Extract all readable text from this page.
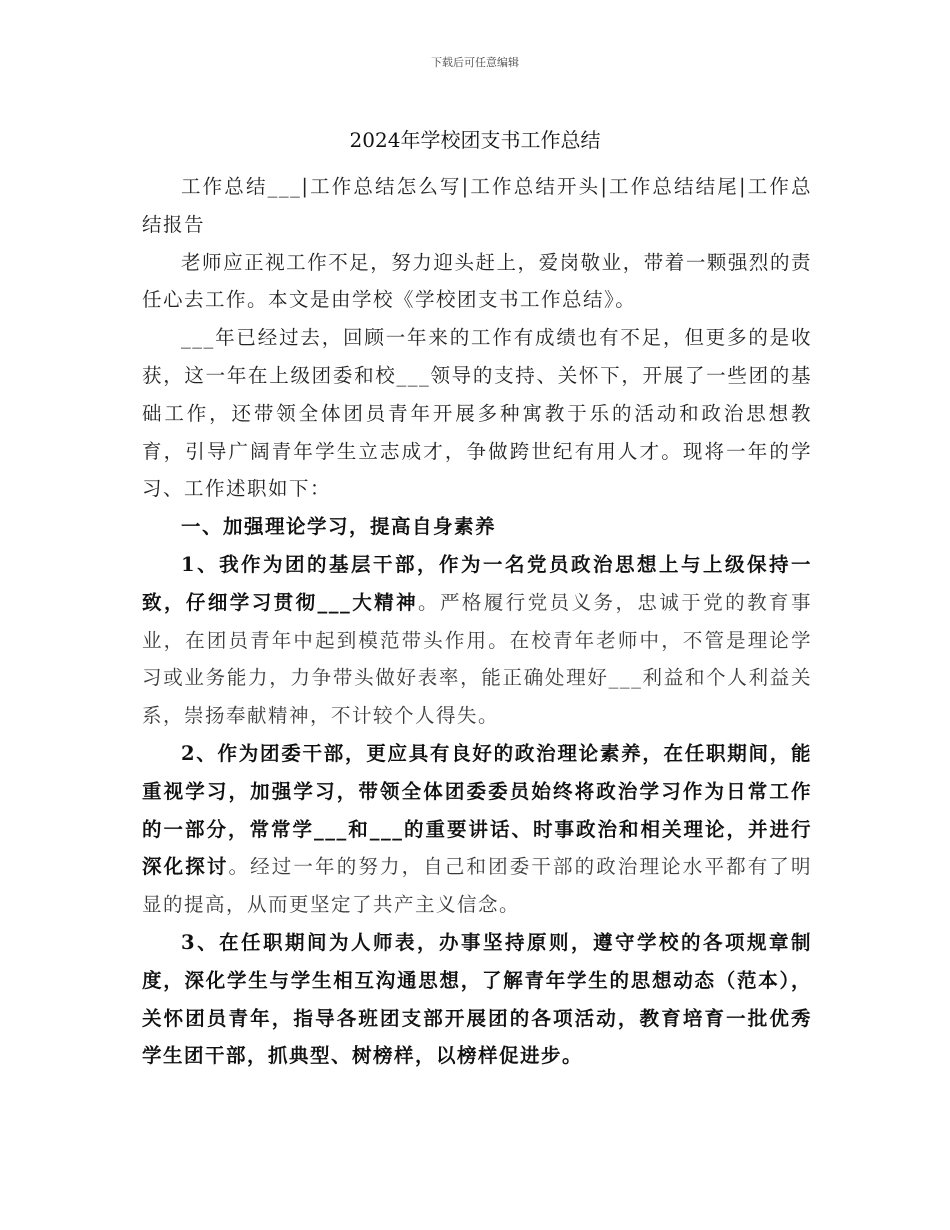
下载后可任意编辑
2024年学校团支书工作总结

工作总结___|工作总结怎么写|工作总结开头|工作总结结尾|工作总结报告

老师应正视工作不足，努力迎头赶上，爱岗敬业，带着一颗强烈的责任心去工作。本文是由学校《学校团支书工作总结》。

___年已经过去，回顾一年来的工作有成绩也有不足，但更多的是收获，这一年在上级团委和校___领导的支持、关怀下，开展了一些团的基础工作，还带领全体团员青年开展多种寓教于乐的活动和政治思想教育，引导广阔青年学生立志成才，争做跨世纪有用人才。现将一年的学习、工作述职如下：

一、加强理论学习，提高自身素养

1、我作为团的基层干部，作为一名党员政治思想上与上级保持一致，仔细学习贯彻___大精神。严格履行党员义务，忠诚于党的教育事业，在团员青年中起到模范带头作用。在校青年老师中，不管是理论学习或业务能力，力争带头做好表率，能正确处理好___利益和个人利益关系，崇扬奉献精神，不计较个人得失。

2、作为团委干部，更应具有良好的政治理论素养，在任职期间，能重视学习，加强学习，带领全体团委委员始终将政治学习作为日常工作的一部分，常常学___和___的重要讲话、时事政治和相关理论，并进行深化探讨。经过一年的努力，自己和团委干部的政治理论水平都有了明显的提高，从而更坚定了共产主义信念。

3、在任职期间为人师表，办事坚持原则，遵守学校的各项规章制度，深化学生与学生相互沟通思想，了解青年学生的思想动态（范本），关怀团员青年，指导各班团支部开展团的各项活动，教育培育一批优秀学生团干部，抓典型、树榜样，以榜样促进步。
